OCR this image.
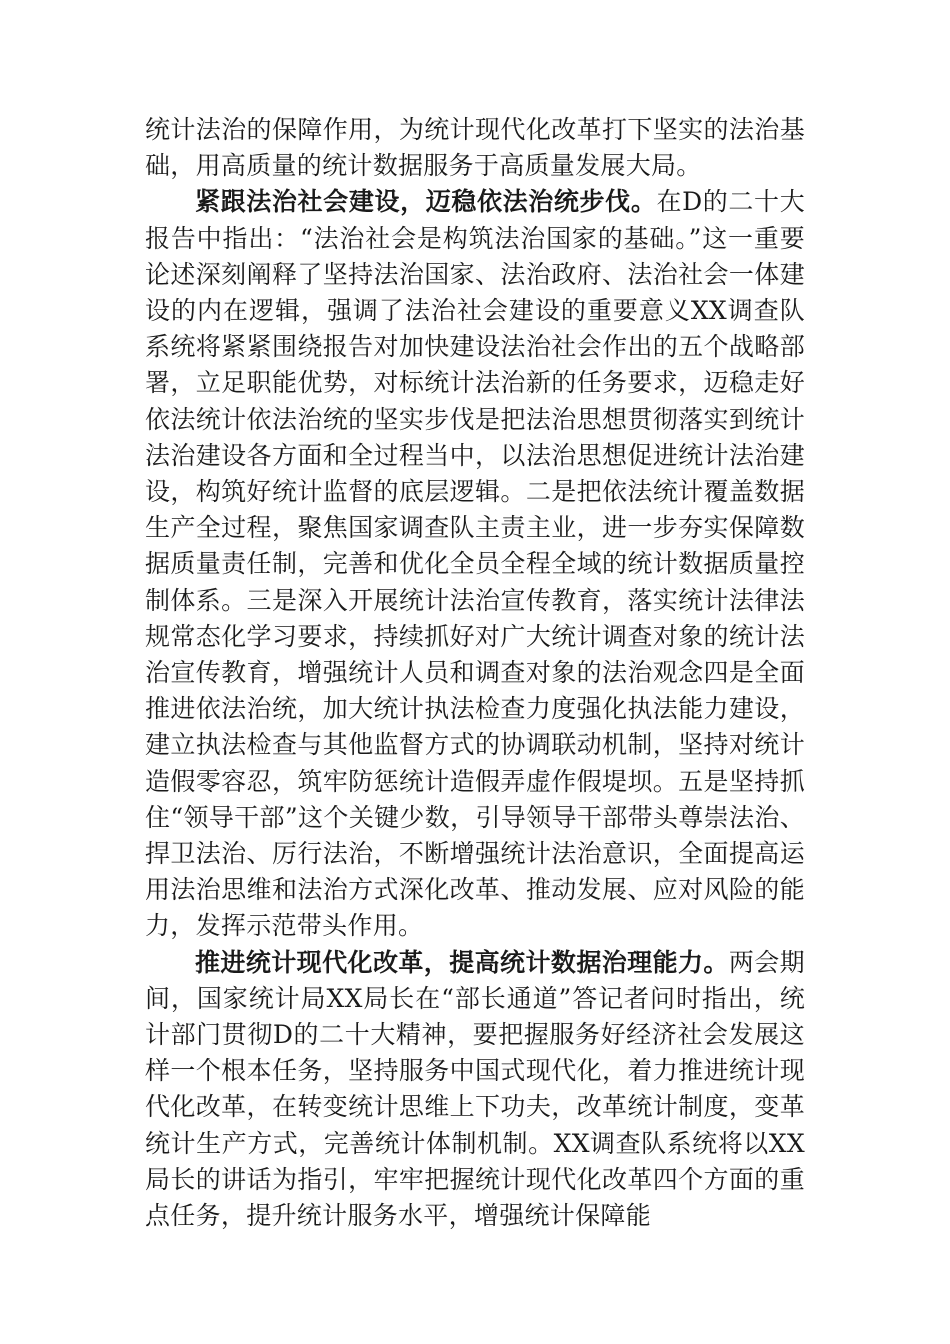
统计法治的保障作用，为统计现代化改革打下坚实的法治基础，用高质量的统计数据服务于高质量发展大局。

紧跟法治社会建设，迈稳依法治统步伐。在D的二十大报告中指出：“法治社会是构筑法治国家的基础。”这一重要论述深刻阐释了坚持法治国家、法治政府、法治社会一体建设的内在逻辑，强调了法治社会建设的重要意义XX调查队系统将紧紧围绕报告对加快建设法治社会作出的五个战略部署，立足职能优势，对标统计法治新的任务要求，迈稳走好依法统计依法治统的坚实步伐是把法治思想贯彻落实到统计法治建设各方面和全过程当中，以法治思想促进统计法治建设，构筑好统计监督的底层逻辑。二是把依法统计覆盖数据生产全过程，聚焦国家调查队主责主业，进一步夯实保障数据质量责任制，完善和优化全员全程全域的统计数据质量控制体系。三是深入开展统计法治宣传教育，落实统计法律法规常态化学习要求，持续抓好对广大统计调查对象的统计法治宣传教育，增强统计人员和调查对象的法治观念四是全面推进依法治统，加大统计执法检查力度强化执法能力建设，建立执法检查与其他监督方式的协调联动机制，坚持对统计造假零容忍，筑牢防惩统计造假弄虚作假堤坝。五是坚持抓住“领导干部”这个关键少数，引导领导干部带头尊崇法治、捍卫法治、厉行法治，不断增强统计法治意识，全面提高运用法治思维和法治方式深化改革、推动发展、应对风险的能力，发挥示范带头作用。

推进统计现代化改革，提高统计数据治理能力。两会期间，国家统计局XX局长在“部长通道”答记者问时指出，统计部门贯彻D的二十大精神，要把握服务好经济社会发展这样一个根本任务，坚持服务中国式现代化，着力推进统计现代化改革，在转变统计思维上下功夫，改革统计制度，变革统计生产方式，完善统计体制机制。XX调查队系统将以XX局长的讲话为指引，牢牢把握统计现代化改革四个方面的重点任务，提升统计服务水平，增强统计保障能
